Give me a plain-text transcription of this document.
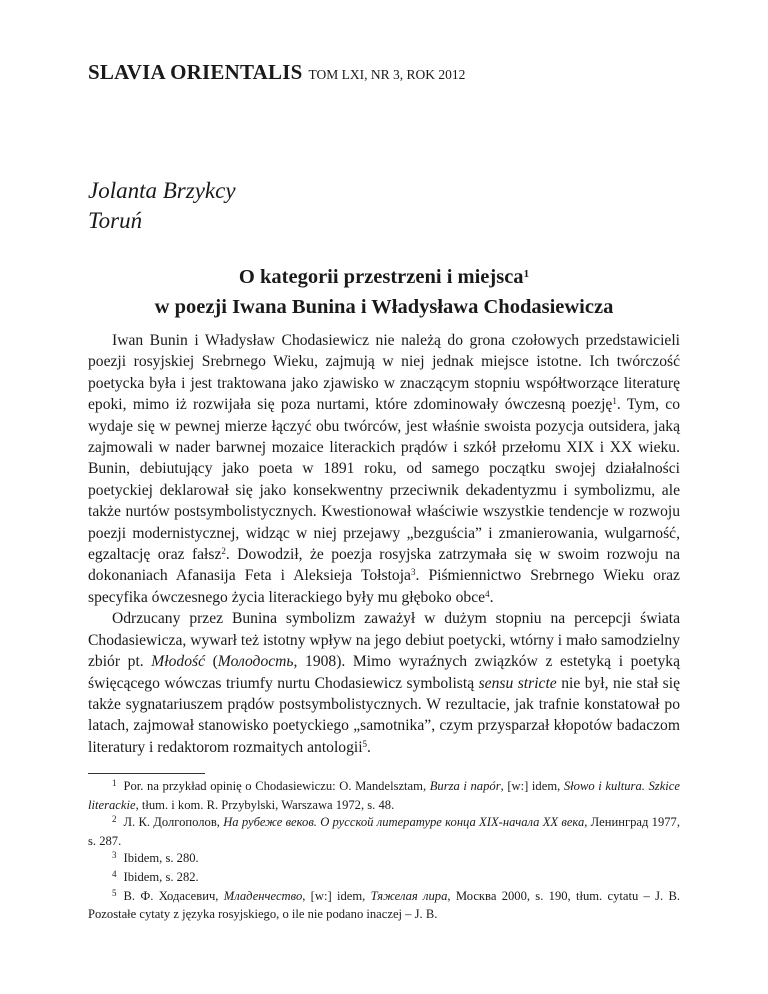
SLAVIA ORIENTALIS TOM LXI, NR 3, ROK 2012
Jolanta Brzykcy
Toruń
O kategorii przestrzeni i miejsca$^1$
w poezji Iwana Bunina i Władysława Chodasiewicza

Iwan Bunin i Władysław Chodasiewicz nie należą do grona czołowych przedstawicieli poezji rosyjskiej Srebrnego Wieku, zajmują w niej jednak miejsce istotne. Ich twórczość poetycka była i jest traktowana jako zjawisko w znaczącym stopniu współtworzące literaturę epoki, mimo iż rozwijała się poza nurtami, które zdominowały ówczesną poezję$^1$. Tym, co wydaje się w pewnej mierze łączyć obu twórców, jest właśnie swoista pozycja outsidera, jaką zajmowali w nader barwnej mozaice literackich prądów i szkół przełomu XIX i XX wieku. Bunin, debiutujący jako poeta w 1891 roku, od samego początku swojej działalności poetyckiej deklarował się jako konsekwentny przeciwnik dekadentyzmu i symbolizmu, ale także nurtów postsymbolistycznych. Kwestionował właściwie wszystkie tendencje w rozwoju poezji modernistycznej, widząc w niej przejawy „bezguścia” i zmanierowania, wulgarność, egzaltację oraz fałsz$^2$. Dowodził, że poezja rosyjska zatrzymała się w swoim rozwoju na dokonaniach Afanasija Feta i Aleksieja Tołstoja$^3$. Piśmiennictwo Srebrnego Wieku oraz specyfika ówczesnego życia literackiego były mu głęboko obce$^4$.

Odrzucany przez Bunina symbolizm zaważył w dużym stopniu na percepcji świata Chodasiewicza, wywarł też istotny wpływ na jego debiut poetycki, wtórny i mało samodzielny zbiór pt. Młodość (Молодость, 1908). Mimo wyraźnych związków z estetyką i poetyką święcącego wówczas triumfy nurtu Chodasiewicz symbolistą sensu stricte nie był, nie stał się także sygnatariuszem prądów postsymbolistycznych. W rezultacie, jak trafnie konstatował po latach, zajmował stanowisko poetyckiego „samotnika”, czym przysparzał kłopotów badaczom literatury i redaktorom rozmaitych antologii$^5$.

$^1$ Por. na przykład opinię o Chodasiewiczu: O. Mandelsztam, Burza i napór, [w:] idem, Słowo i kultura. Szkice literackie, tłum. i kom. R. Przybylski, Warszawa 1972, s. 48.

$^2$ Л. К. Долгополов, На рубеже веков. О русской литературе конца XIX-начала XX века, Ленинград 1977, s. 287.

$^3$ Ibidem, s. 280.

$^4$ Ibidem, s. 282.

$^5$ В. Ф. Ходасевич, Младенчество, [w:] idem, Тяжелая лира, Москва 2000, s. 190, tłum. cytatu – J. B. Pozostałe cytaty z języka rosyjskiego, o ile nie podano inaczej – J. B.
